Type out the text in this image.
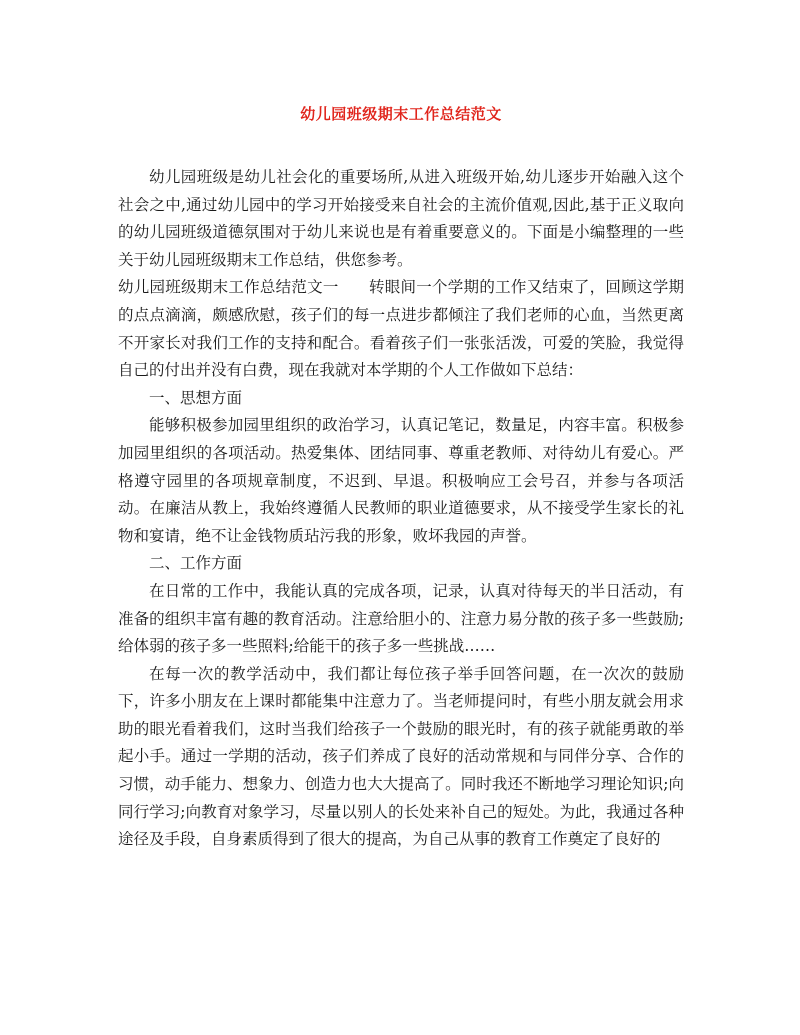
幼儿园班级期末工作总结范文

幼儿园班级是幼儿社会化的重要场所,从进入班级开始,幼儿逐步开始融入这个社会之中,通过幼儿园中的学习开始接受来自社会的主流价值观,因此,基于正义取向的幼儿园班级道德氛围对于幼儿来说也是有着重要意义的。下面是小编整理的一些关于幼儿园班级期末工作总结，供您参考。

幼儿园班级期末工作总结范文一 转眼间一个学期的工作又结束了，回顾这学期的点点滴滴，颇感欣慰，孩子们的每一点进步都倾注了我们老师的心血，当然更离不开家长对我们工作的支持和配合。看着孩子们一张张活泼，可爱的笑脸，我觉得自己的付出并没有白费，现在我就对本学期的个人工作做如下总结：

一、思想方面

能够积极参加园里组织的政治学习，认真记笔记，数量足，内容丰富。积极参加园里组织的各项活动。热爱集体、团结同事、尊重老教师、对待幼儿有爱心。严格遵守园里的各项规章制度，不迟到、早退。积极响应工会号召，并参与各项活动。在廉洁从教上，我始终遵循人民教师的职业道德要求，从不接受学生家长的礼物和宴请，绝不让金钱物质玷污我的形象，败坏我园的声誉。

二、工作方面

在日常的工作中，我能认真的完成各项，记录，认真对待每天的半日活动，有准备的组织丰富有趣的教育活动。注意给胆小的、注意力易分散的孩子多一些鼓励;给体弱的孩子多一些照料;给能干的孩子多一些挑战……

在每一次的教学活动中，我们都让每位孩子举手回答问题，在一次次的鼓励下，许多小朋友在上课时都能集中注意力了。当老师提问时，有些小朋友就会用求助的眼光看着我们，这时当我们给孩子一个鼓励的眼光时，有的孩子就能勇敢的举起小手。通过一学期的活动，孩子们养成了良好的活动常规和与同伴分享、合作的习惯，动手能力、想象力、创造力也大大提高了。同时我还不断地学习理论知识;向同行学习;向教育对象学习，尽量以别人的长处来补自己的短处。为此，我通过各种途径及手段，自身素质得到了很大的提高，为自己从事的教育工作奠定了良好的
